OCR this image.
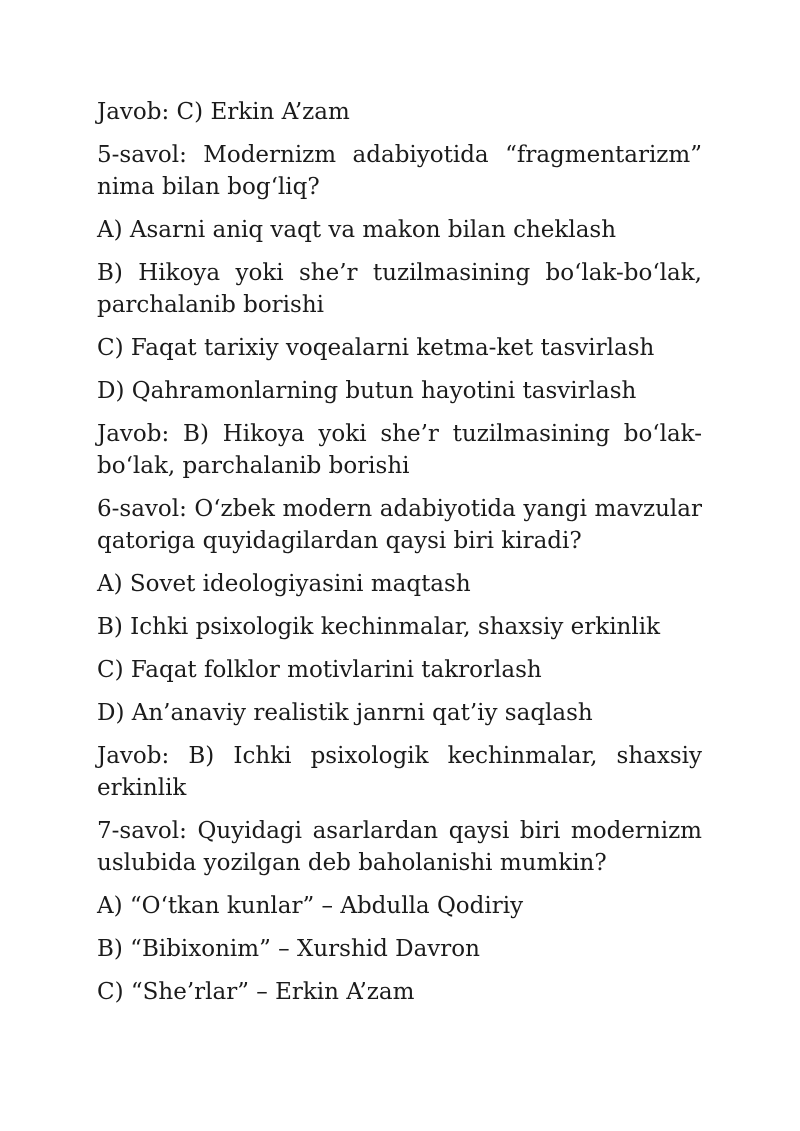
Javob: C) Erkin A’zam

5-savol: Modernizm adabiyotida “fragmentarizm” nima bilan bog‘liq?

A) Asarni aniq vaqt va makon bilan cheklash

B) Hikoya yoki she’r tuzilmasining bo‘lak-bo‘lak, parchalanib borishi

C) Faqat tarixiy voqealarni ketma-ket tasvirlash

D) Qahramonlarning butun hayotini tasvirlash

Javob: B) Hikoya yoki she’r tuzilmasining bo‘lak-bo‘lak, parchalanib borishi

6-savol: O‘zbek modern adabiyotida yangi mavzular qatoriga quyidagilardan qaysi biri kiradi?

A) Sovet ideologiyasini maqtash

B) Ichki psixologik kechinmalar, shaxsiy erkinlik

C) Faqat folklor motivlarini takrorlash

D) An’anaviy realistik janrni qat’iy saqlash

Javob: B) Ichki psixologik kechinmalar, shaxsiy erkinlik

7-savol: Quyidagi asarlardan qaysi biri modernizm uslubida yozilgan deb baholanishi mumkin?

A) “O‘tkan kunlar” – Abdulla Qodiriy

B) “Bibixonim” – Xurshid Davron

C) “She’rlar” – Erkin A’zam
